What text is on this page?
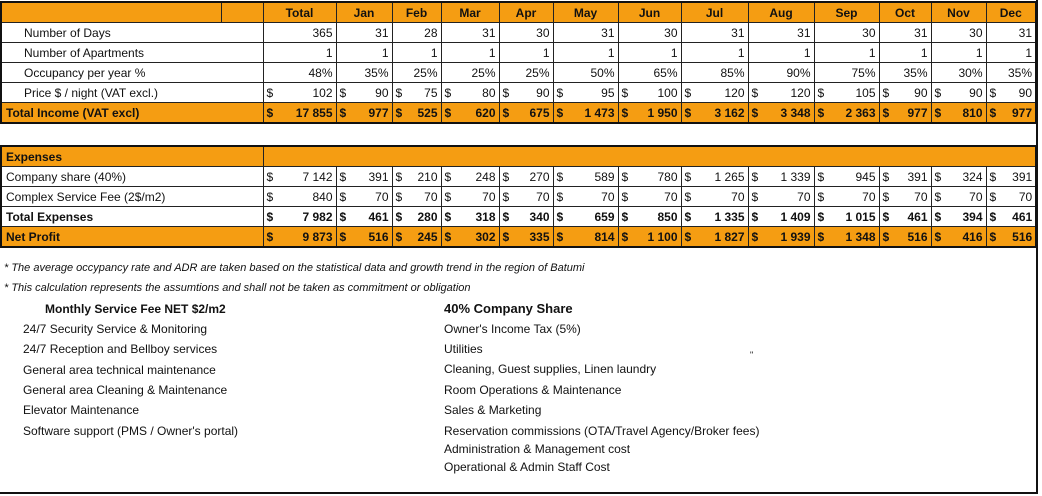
		Total	Jan	Feb	Mar	Apr	May	Jun	Jul	Aug	Sep	Oct	Nov	Dec
Number of Days		365	31	28	31	30	31	30	31	31	30	31	30	31
Number of Apartments		1	1	1	1	1	1	1	1	1	1	1	1	1
Occupancy per year %		48%	35%	25%	25%	25%	50%	65%	85%	90%	75%	35%	30%	35%
Price $ / night (VAT excl.)		$ 102	$ 90	$ 75	$ 80	$ 90	$ 95	$ 100	$ 120	$ 120	$ 105	$ 90	$ 90	$ 90

Total Income (VAT excl)		$ 17 855	$ 977	$ 525	$ 620	$ 675	$ 1 473	$ 1 950	$ 3 162	$ 3 348	$ 2 363	$ 977	$ 810	$ 977
Expenses														
Company share (40%)		$ 7 142	$ 391	$ 210	$ 248	$ 270	$ 589	$ 780	$ 1 265	$ 1 339	$ 945	$ 391	$ 324	$ 391

Complex Service Fee (2$/m2)		$ 840	$ 70	$ 70	$ 70	$ 70	$ 70	$ 70	$ 70	$ 70	$ 70	$ 70	$ 70	$ 70

Total Expenses		$ 7 982	$ 461	$ 280	$ 318	$ 340	$ 659	$ 850	$ 1 335	$ 1 409	$ 1 015	$ 461	$ 394	$ 461

Net Profit		$ 9 873	$ 516	$ 245	$ 302	$ 335	$ 814	$ 1 100	$ 1 827	$ 1 939	$ 1 348	$ 516	$ 416	$ 516
* The average occypancy rate and ADR are taken based on the statistical data and growth trend in the region of Batumi
* This calculation represents the assumtions and shall not be taken as commitment or obligation
Monthly Service Fee NET $2/m2
24/7 Security Service & Monitoring
24/7 Reception and Bellboy services
General area technical maintenance
General area Cleaning & Maintenance
Elevator Maintenance
Software support (PMS / Owner's portal)
40% Company Share
Owner's Income Tax (5%)
Utilities
Cleaning, Guest supplies, Linen laundry
Room Operations & Maintenance
Sales & Marketing
Reservation commissions (OTA/Travel Agency/Broker fees)
Administration & Management cost
Operational & Admin Staff Cost
"
